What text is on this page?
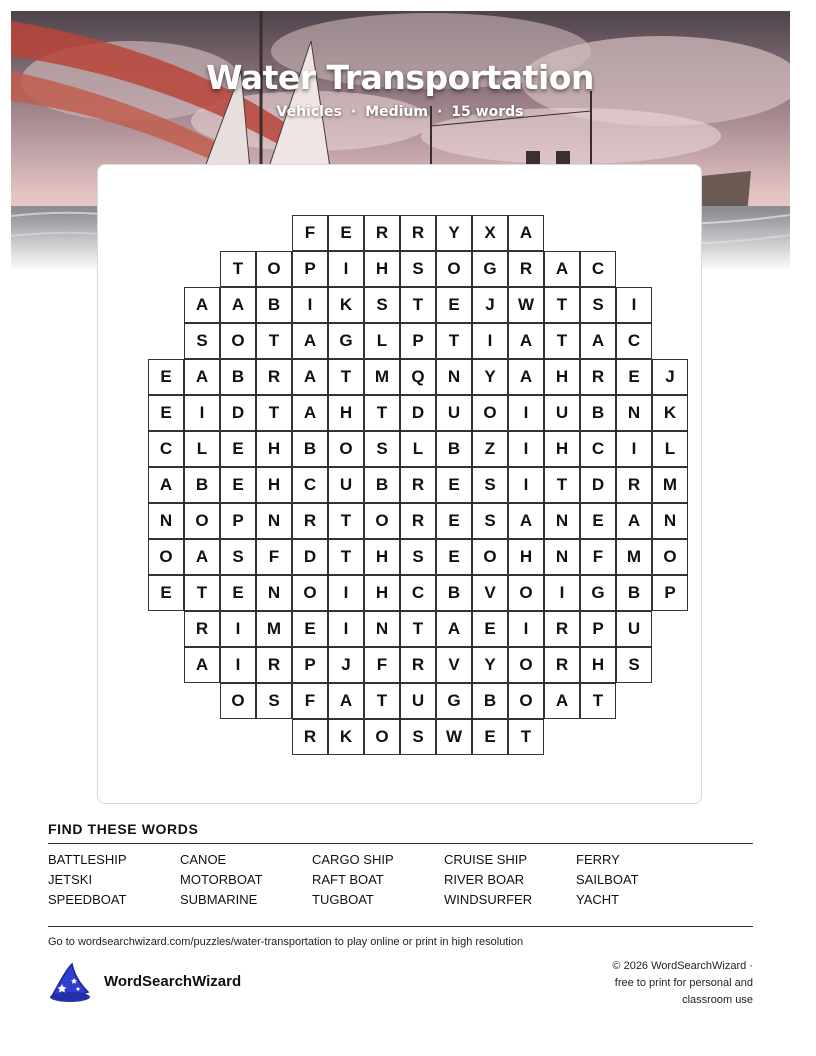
Water Transportation
Vehicles · Medium · 15 words
F	E	R	R	Y	X	A
T	O	P	I	H	S	O	G	R	A	C
A	A	B	I	K	S	T	E	J	W	T	S	I
S	O	T	A	G	L	P	T	I	A	T	A	C
E	A	B	R	A	T	M	Q	N	Y	A	H	R	E	J
E	I	D	T	A	H	T	D	U	O	I	U	B	N	K
C	L	E	H	B	O	S	L	B	Z	I	H	C	I	L
A	B	E	H	C	U	B	R	E	S	I	T	D	R	M
N	O	P	N	R	T	O	R	E	S	A	N	E	A	N
O	A	S	F	D	T	H	S	E	O	H	N	F	M	O
E	T	E	N	O	I	H	C	B	V	O	I	G	B	P
R	I	M	E	I	N	T	A	E	I	R	P	U
A	I	R	P	J	F	R	V	Y	O	R	H	S
O	S	F	A	T	U	G	B	O	A	T
R	K	O	S	W	E	T
FIND THESE WORDS
BATTLESHIP	CANOE	CARGO SHIP	CRUISE SHIP	FERRY
JETSKI	MOTORBOAT	RAFT BOAT	RIVER BOAR	SAILBOAT
SPEEDBOAT	SUBMARINE	TUGBOAT	WINDSURFER	YACHT
Go to wordsearchwizard.com/puzzles/water-transportation to play online or print in high resolution
WordSearchWizard
© 2026 WordSearchWizard ·
free to print for personal and
classroom use
